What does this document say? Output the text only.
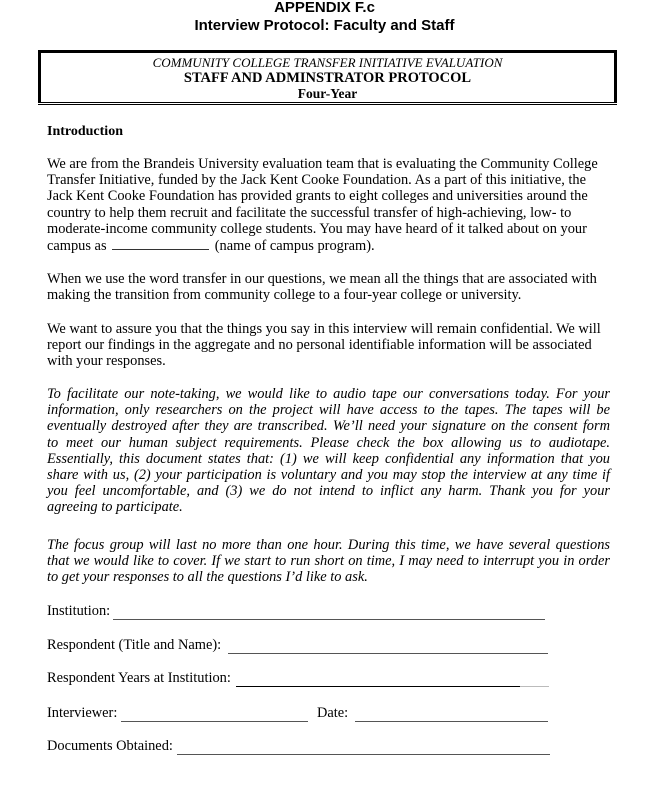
APPENDIX F.c
Interview Protocol: Faculty and Staff
COMMUNITY COLLEGE TRANSFER INITIATIVE EVALUATION
STAFF AND ADMINSTRATOR PROTOCOL
Four-Year
Introduction
We are from the Brandeis University evaluation team that is evaluating the Community College
Transfer Initiative, funded by the Jack Kent Cooke Foundation. As a part of this initiative, the
Jack Kent Cooke Foundation has provided grants to eight colleges and universities around the
country to help them recruit and facilitate the successful transfer of high-achieving, low- to
moderate-income community college students. You may have heard of it talked about on your
campus as	(name of campus program).
When we use the word transfer in our questions, we mean all the things that are associated with
making the transition from community college to a four-year college or university.
We want to assure you that the things you say in this interview will remain confidential. We will
report our findings in the aggregate and no personal identifiable information will be associated
with your responses.
To facilitate our note-taking, we would like to audio tape our conversations today. For your
information, only researchers on the project will have access to the tapes. The tapes will be
eventually destroyed after they are transcribed. We’ll need your signature on the consent form
to meet our human subject requirements. Please check the box allowing us to audiotape.
Essentially, this document states that: (1) we will keep confidential any information that you
share with us, (2) your participation is voluntary and you may stop the interview at any time if
you feel uncomfortable, and (3) we do not intend to inflict any harm. Thank you for your
agreeing to participate.
The focus group will last no more than one hour. During this time, we have several questions
that we would like to cover. If we start to run short on time, I may need to interrupt you in order
to get your responses to all the questions I’d like to ask.
Institution:
Respondent (Title and Name):
Respondent Years at Institution:
Interviewer:	Date:
Documents Obtained:
